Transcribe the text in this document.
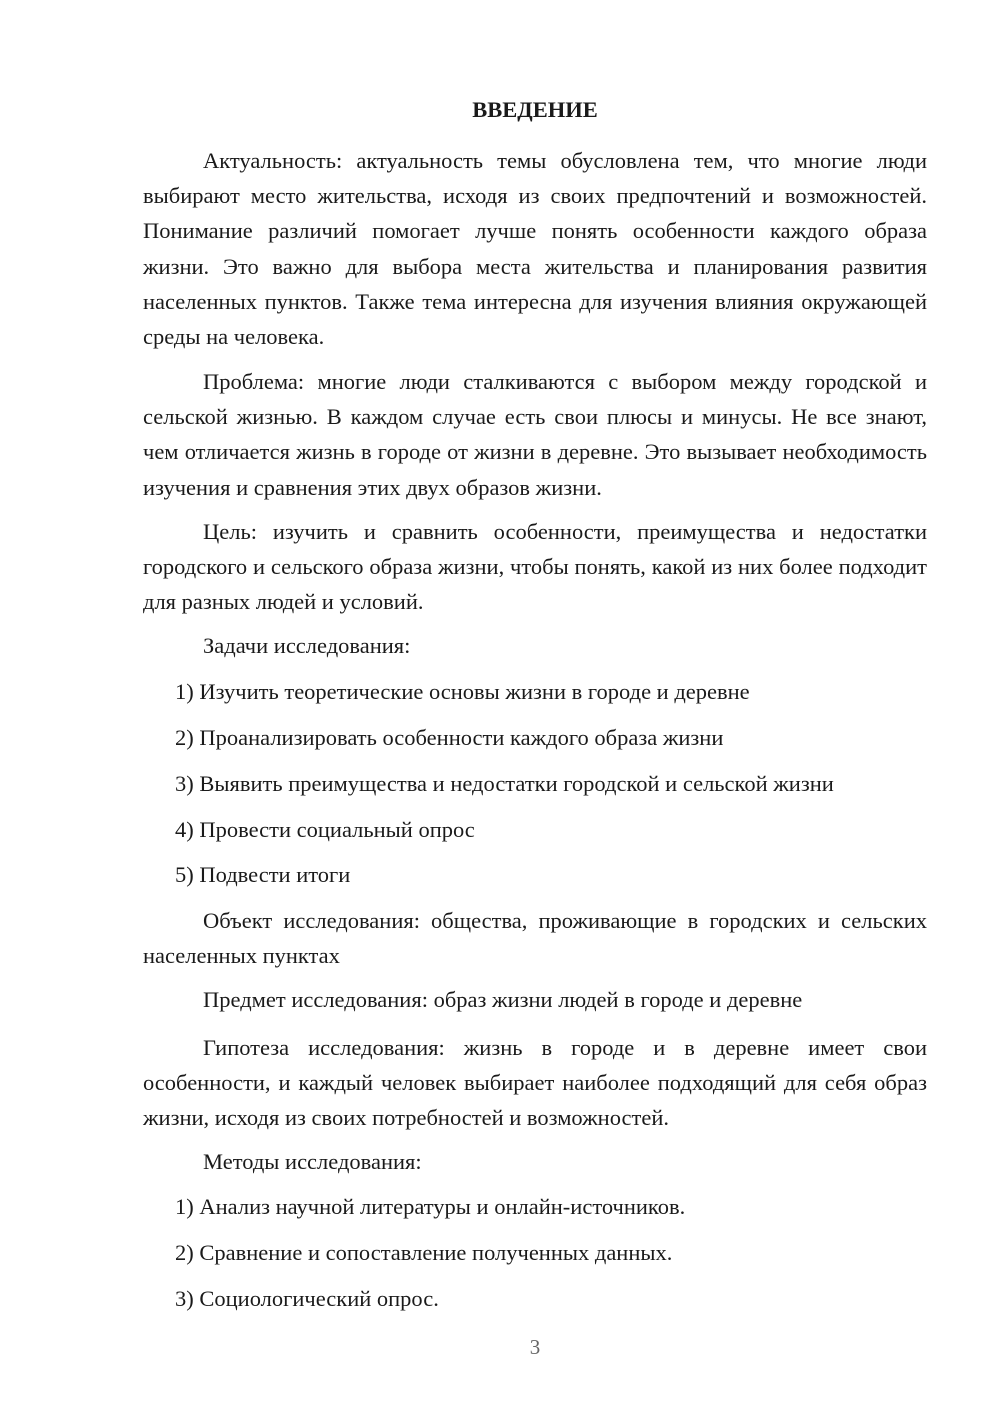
ВВЕДЕНИЕ
Актуальность: актуальность темы обусловлена тем, что многие люди выбирают место жительства, исходя из своих предпочтений и возможностей. Понимание различий помогает лучше понять особенности каждого образа жизни. Это важно для выбора места жительства и планирования развития населенных пунктов. Также тема интересна для изучения влияния окружающей среды на человека.
Проблема: многие люди сталкиваются с выбором между городской и сельской жизнью. В каждом случае есть свои плюсы и минусы. Не все знают, чем отличается жизнь в городе от жизни в деревне. Это вызывает необходимость изучения и сравнения этих двух образов жизни.
Цель: изучить и сравнить особенности, преимущества и недостатки городского и сельского образа жизни, чтобы понять, какой из них более подходит для разных людей и условий.
Задачи исследования:
1) Изучить теоретические основы жизни в городе и деревне
2) Проанализировать особенности каждого образа жизни
3) Выявить преимущества и недостатки городской и сельской жизни
4) Провести социальный опрос
5) Подвести итоги
Объект исследования: общества, проживающие в городских и сельских населенных пунктах
Предмет исследования: образ жизни людей в городе и деревне
Гипотеза исследования: жизнь в городе и в деревне имеет свои особенности, и каждый человек выбирает наиболее подходящий для себя образ жизни, исходя из своих потребностей и возможностей.
Методы исследования:
1) Анализ научной литературы и онлайн-источников.
2) Сравнение и сопоставление полученных данных.
3) Социологический опрос.
3
